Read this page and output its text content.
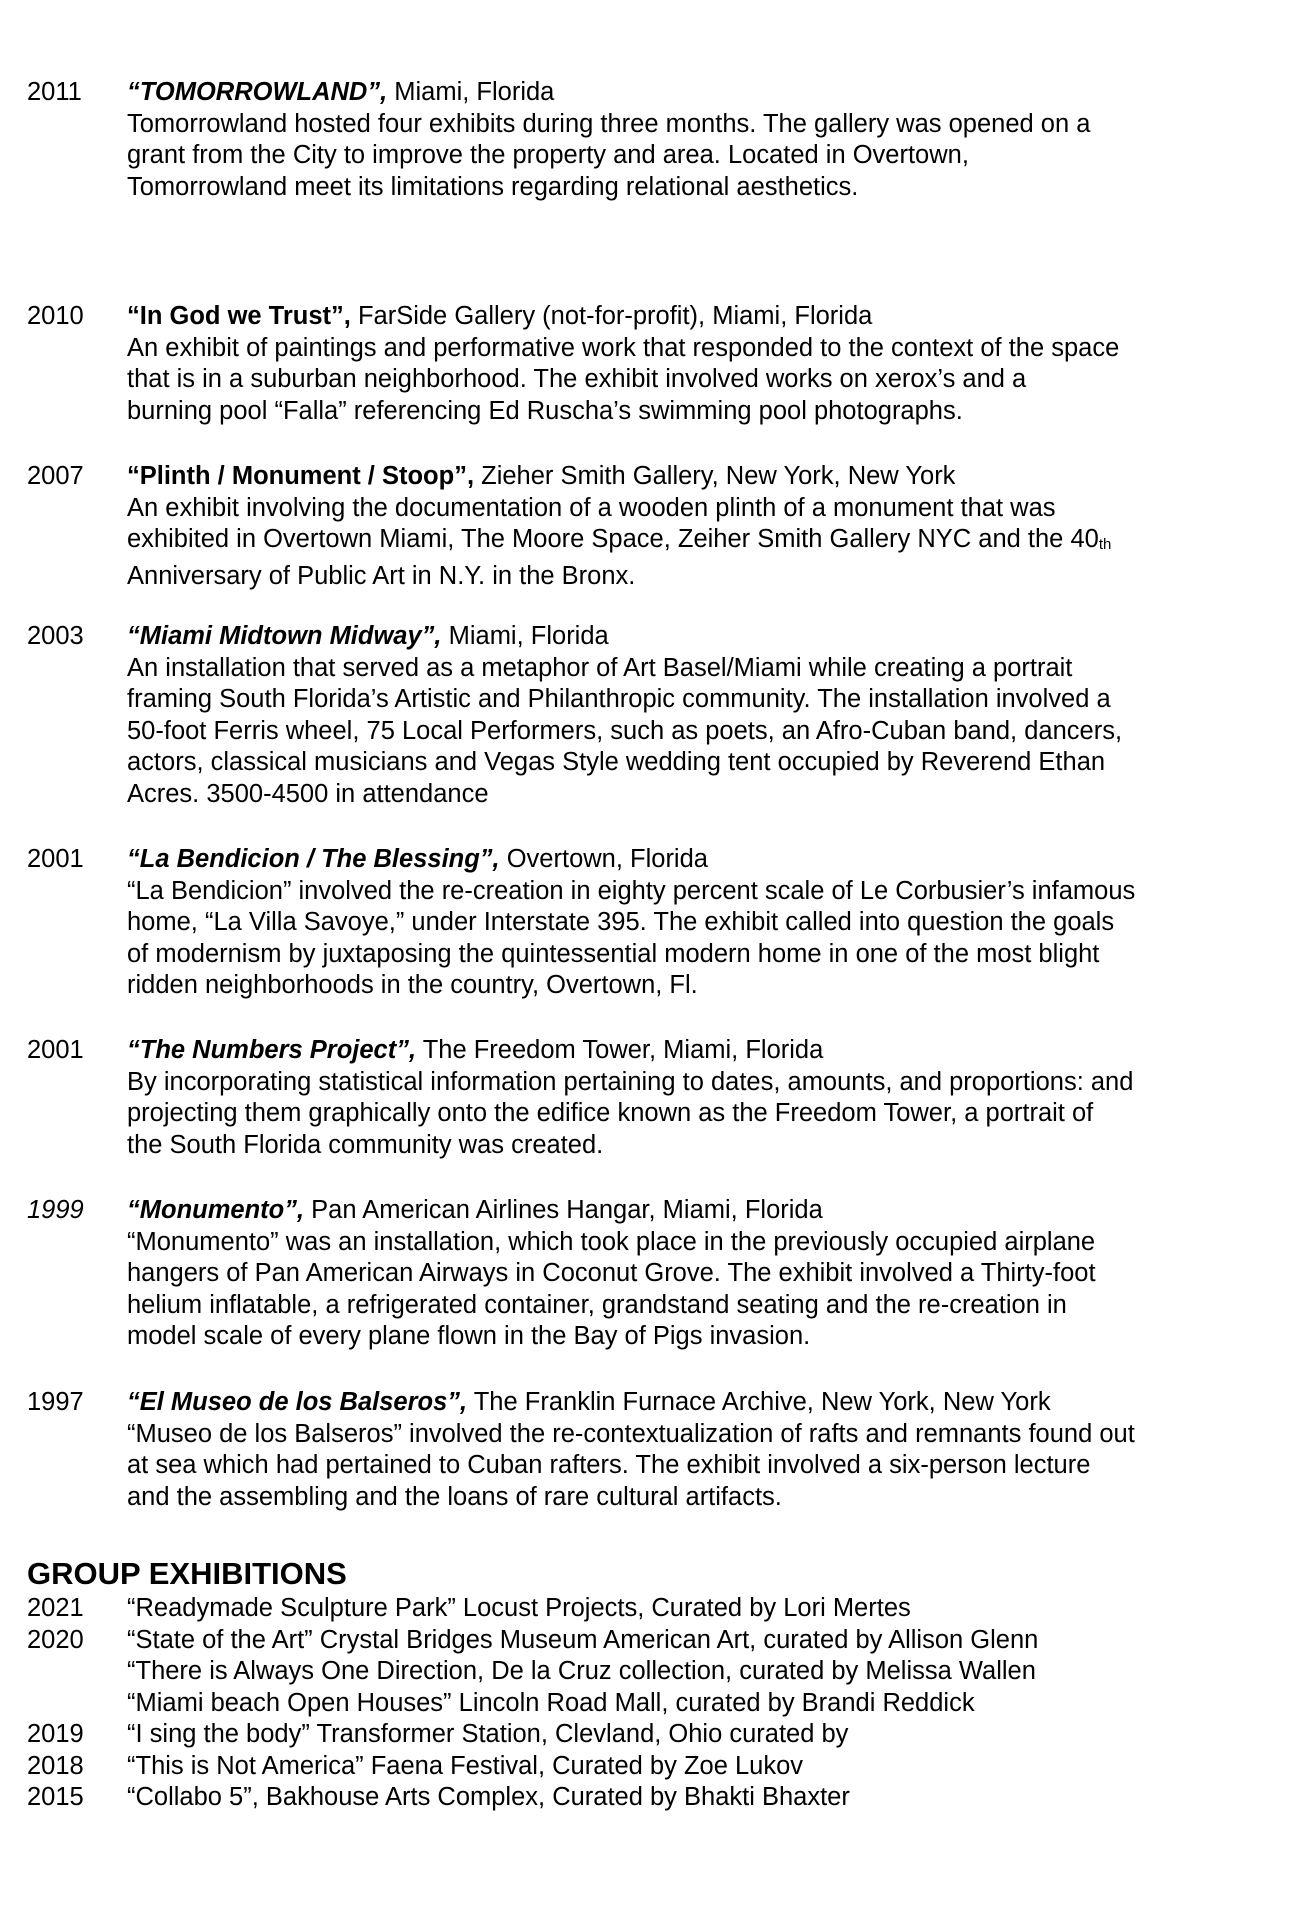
2011	“TOMORROWLAND”, Miami, Florida
Tomorrowland hosted four exhibits during three months. The gallery was opened on a
grant from the City to improve the property and area. Located in Overtown,
Tomorrowland meet its limitations regarding relational aesthetics.
2010	“In God we Trust”, FarSide Gallery (not-for-profit), Miami, Florida
An exhibit of paintings and performative work that responded to the context of the space
that is in a suburban neighborhood. The exhibit involved works on xerox’s and a
burning pool “Falla” referencing Ed Ruscha’s swimming pool photographs.
2007	“Plinth / Monument / Stoop”, Zieher Smith Gallery, New York, New York
An exhibit involving the documentation of a wooden plinth of a monument that was
exhibited in Overtown Miami, The Moore Space, Zeiher Smith Gallery NYC and the 40th
Anniversary of Public Art in N.Y. in the Bronx.
2003	“Miami Midtown Midway”, Miami, Florida
An installation that served as a metaphor of Art Basel/Miami while creating a portrait
framing South Florida’s Artistic and Philanthropic community. The installation involved a
50-foot Ferris wheel, 75 Local Performers, such as poets, an Afro-Cuban band, dancers,
actors, classical musicians and Vegas Style wedding tent occupied by Reverend Ethan
Acres. 3500-4500 in attendance
2001	“La Bendicion / The Blessing”, Overtown, Florida
“La Bendicion” involved the re-creation in eighty percent scale of Le Corbusier’s infamous
home, “La Villa Savoye,” under Interstate 395. The exhibit called into question the goals
of modernism by juxtaposing the quintessential modern home in one of the most blight
ridden neighborhoods in the country, Overtown, Fl.
2001	“The Numbers Project”, The Freedom Tower, Miami, Florida
By incorporating statistical information pertaining to dates, amounts, and proportions: and
projecting them graphically onto the edifice known as the Freedom Tower, a portrait of
the South Florida community was created.
1999	“Monumento”, Pan American Airlines Hangar, Miami, Florida
“Monumento” was an installation, which took place in the previously occupied airplane
hangers of Pan American Airways in Coconut Grove. The exhibit involved a Thirty-foot
helium inflatable, a refrigerated container, grandstand seating and the re-creation in
model scale of every plane flown in the Bay of Pigs invasion.
1997	“El Museo de los Balseros”, The Franklin Furnace Archive, New York, New York
“Museo de los Balseros” involved the re-contextualization of rafts and remnants found out
at sea which had pertained to Cuban rafters. The exhibit involved a six-person lecture
and the assembling and the loans of rare cultural artifacts.
GROUP EXHIBITIONS
2021	“Readymade Sculpture Park” Locust Projects, Curated by Lori Mertes
2020	“State of the Art” Crystal Bridges Museum American Art, curated by Allison Glenn
“There is Always One Direction, De la Cruz collection, curated by Melissa Wallen
“Miami beach Open Houses” Lincoln Road Mall, curated by Brandi Reddick
2019	“I sing the body” Transformer Station, Clevland, Ohio curated by
2018	“This is Not America” Faena Festival, Curated by Zoe Lukov
2015	“Collabo 5”, Bakhouse Arts Complex, Curated by Bhakti Bhaxter
